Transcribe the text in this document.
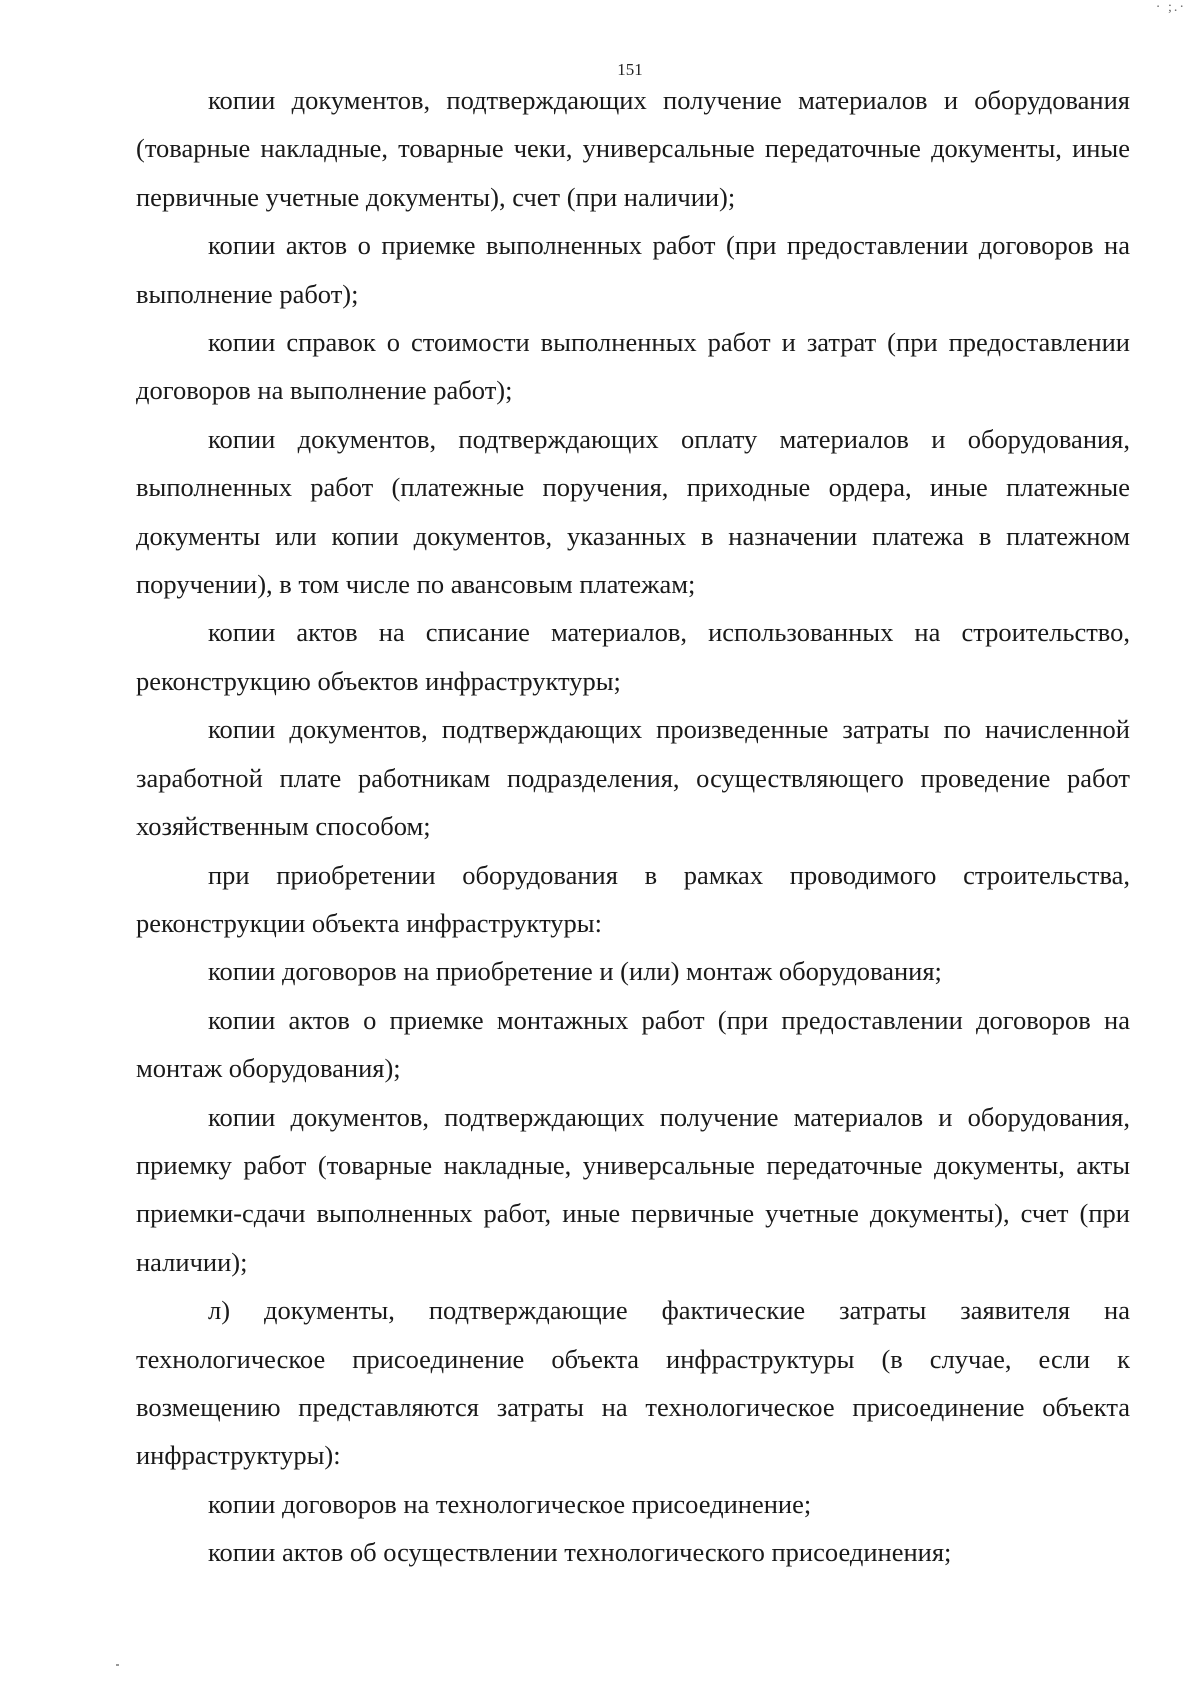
· ;.·
151

копии документов, подтверждающих получение материалов и оборудования (товарные накладные, товарные чеки, универсальные передаточные документы, иные первичные учетные документы), счет (при наличии);

копии актов о приемке выполненных работ (при предоставлении договоров на выполнение работ);

копии справок о стоимости выполненных работ и затрат (при предоставлении договоров на выполнение работ);

копии документов, подтверждающих оплату материалов и оборудования, выполненных работ (платежные поручения, приходные ордера, иные платежные документы или копии документов, указанных в назначении платежа в платежном поручении), в том числе по авансовым платежам;

копии актов на списание материалов, использованных на строительство, реконструкцию объектов инфраструктуры;

копии документов, подтверждающих произведенные затраты по начисленной заработной плате работникам подразделения, осуществляющего проведение работ хозяйственным способом;

при приобретении оборудования в рамках проводимого строительства, реконструкции объекта инфраструктуры:

копии договоров на приобретение и (или) монтаж оборудования;

копии актов о приемке монтажных работ (при предоставлении договоров на монтаж оборудования);

копии документов, подтверждающих получение материалов и оборудования, приемку работ (товарные накладные, универсальные передаточные документы, акты приемки-сдачи выполненных работ, иные первичные учетные документы), счет (при наличии);

л) документы, подтверждающие фактические затраты заявителя на технологическое присоединение объекта инфраструктуры (в случае, если к возмещению представляются затраты на технологическое присоединение объекта инфраструктуры):

копии договоров на технологическое присоединение;

копии актов об осуществлении технологического присоединения;
